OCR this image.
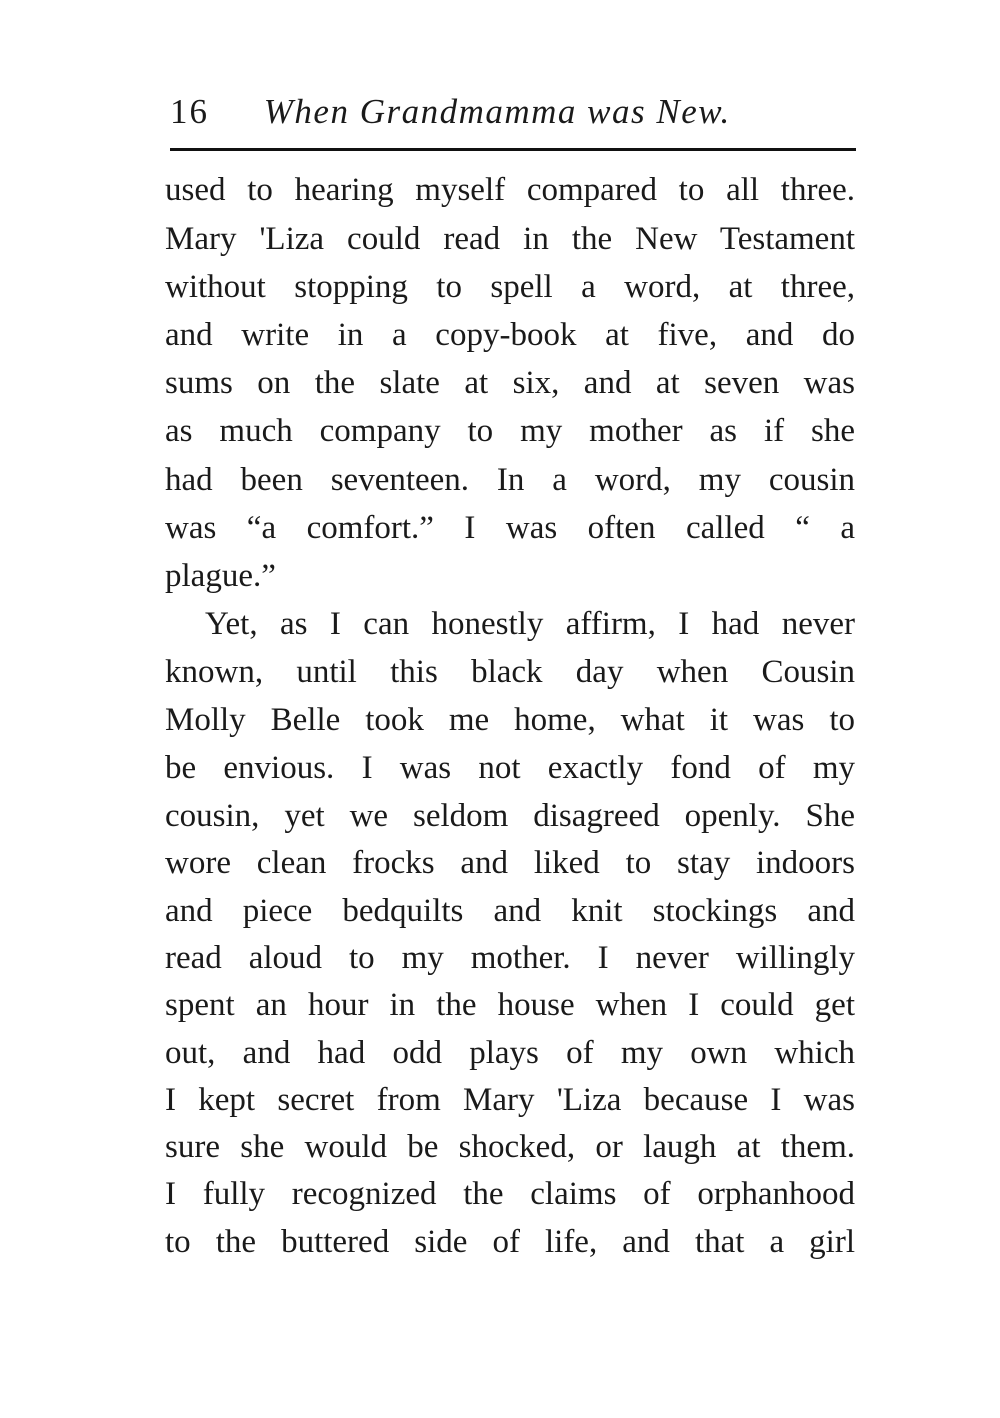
16 When Grandmamma was New.
used to hearing myself compared to all three.
Mary 'Liza could read in the New Testament
without stopping to spell a word, at three,
and write in a copy-book at five, and do
sums on the slate at six, and at seven was
as much company to my mother as if she
had been seventeen. In a word, my cousin
was “a comfort.” I was often called “ a
plague.”
Yet, as I can honestly affirm, I had never
known, until this black day when Cousin
Molly Belle took me home, what it was to
be envious. I was not exactly fond of my
cousin, yet we seldom disagreed openly. She
wore clean frocks and liked to stay indoors
and piece bedquilts and knit stockings and
read aloud to my mother. I never willingly
spent an hour in the house when I could get
out, and had odd plays of my own which
I kept secret from Mary 'Liza because I was
sure she would be shocked, or laugh at them.
I fully recognized the claims of orphanhood
to the buttered side of life, and that a girl
